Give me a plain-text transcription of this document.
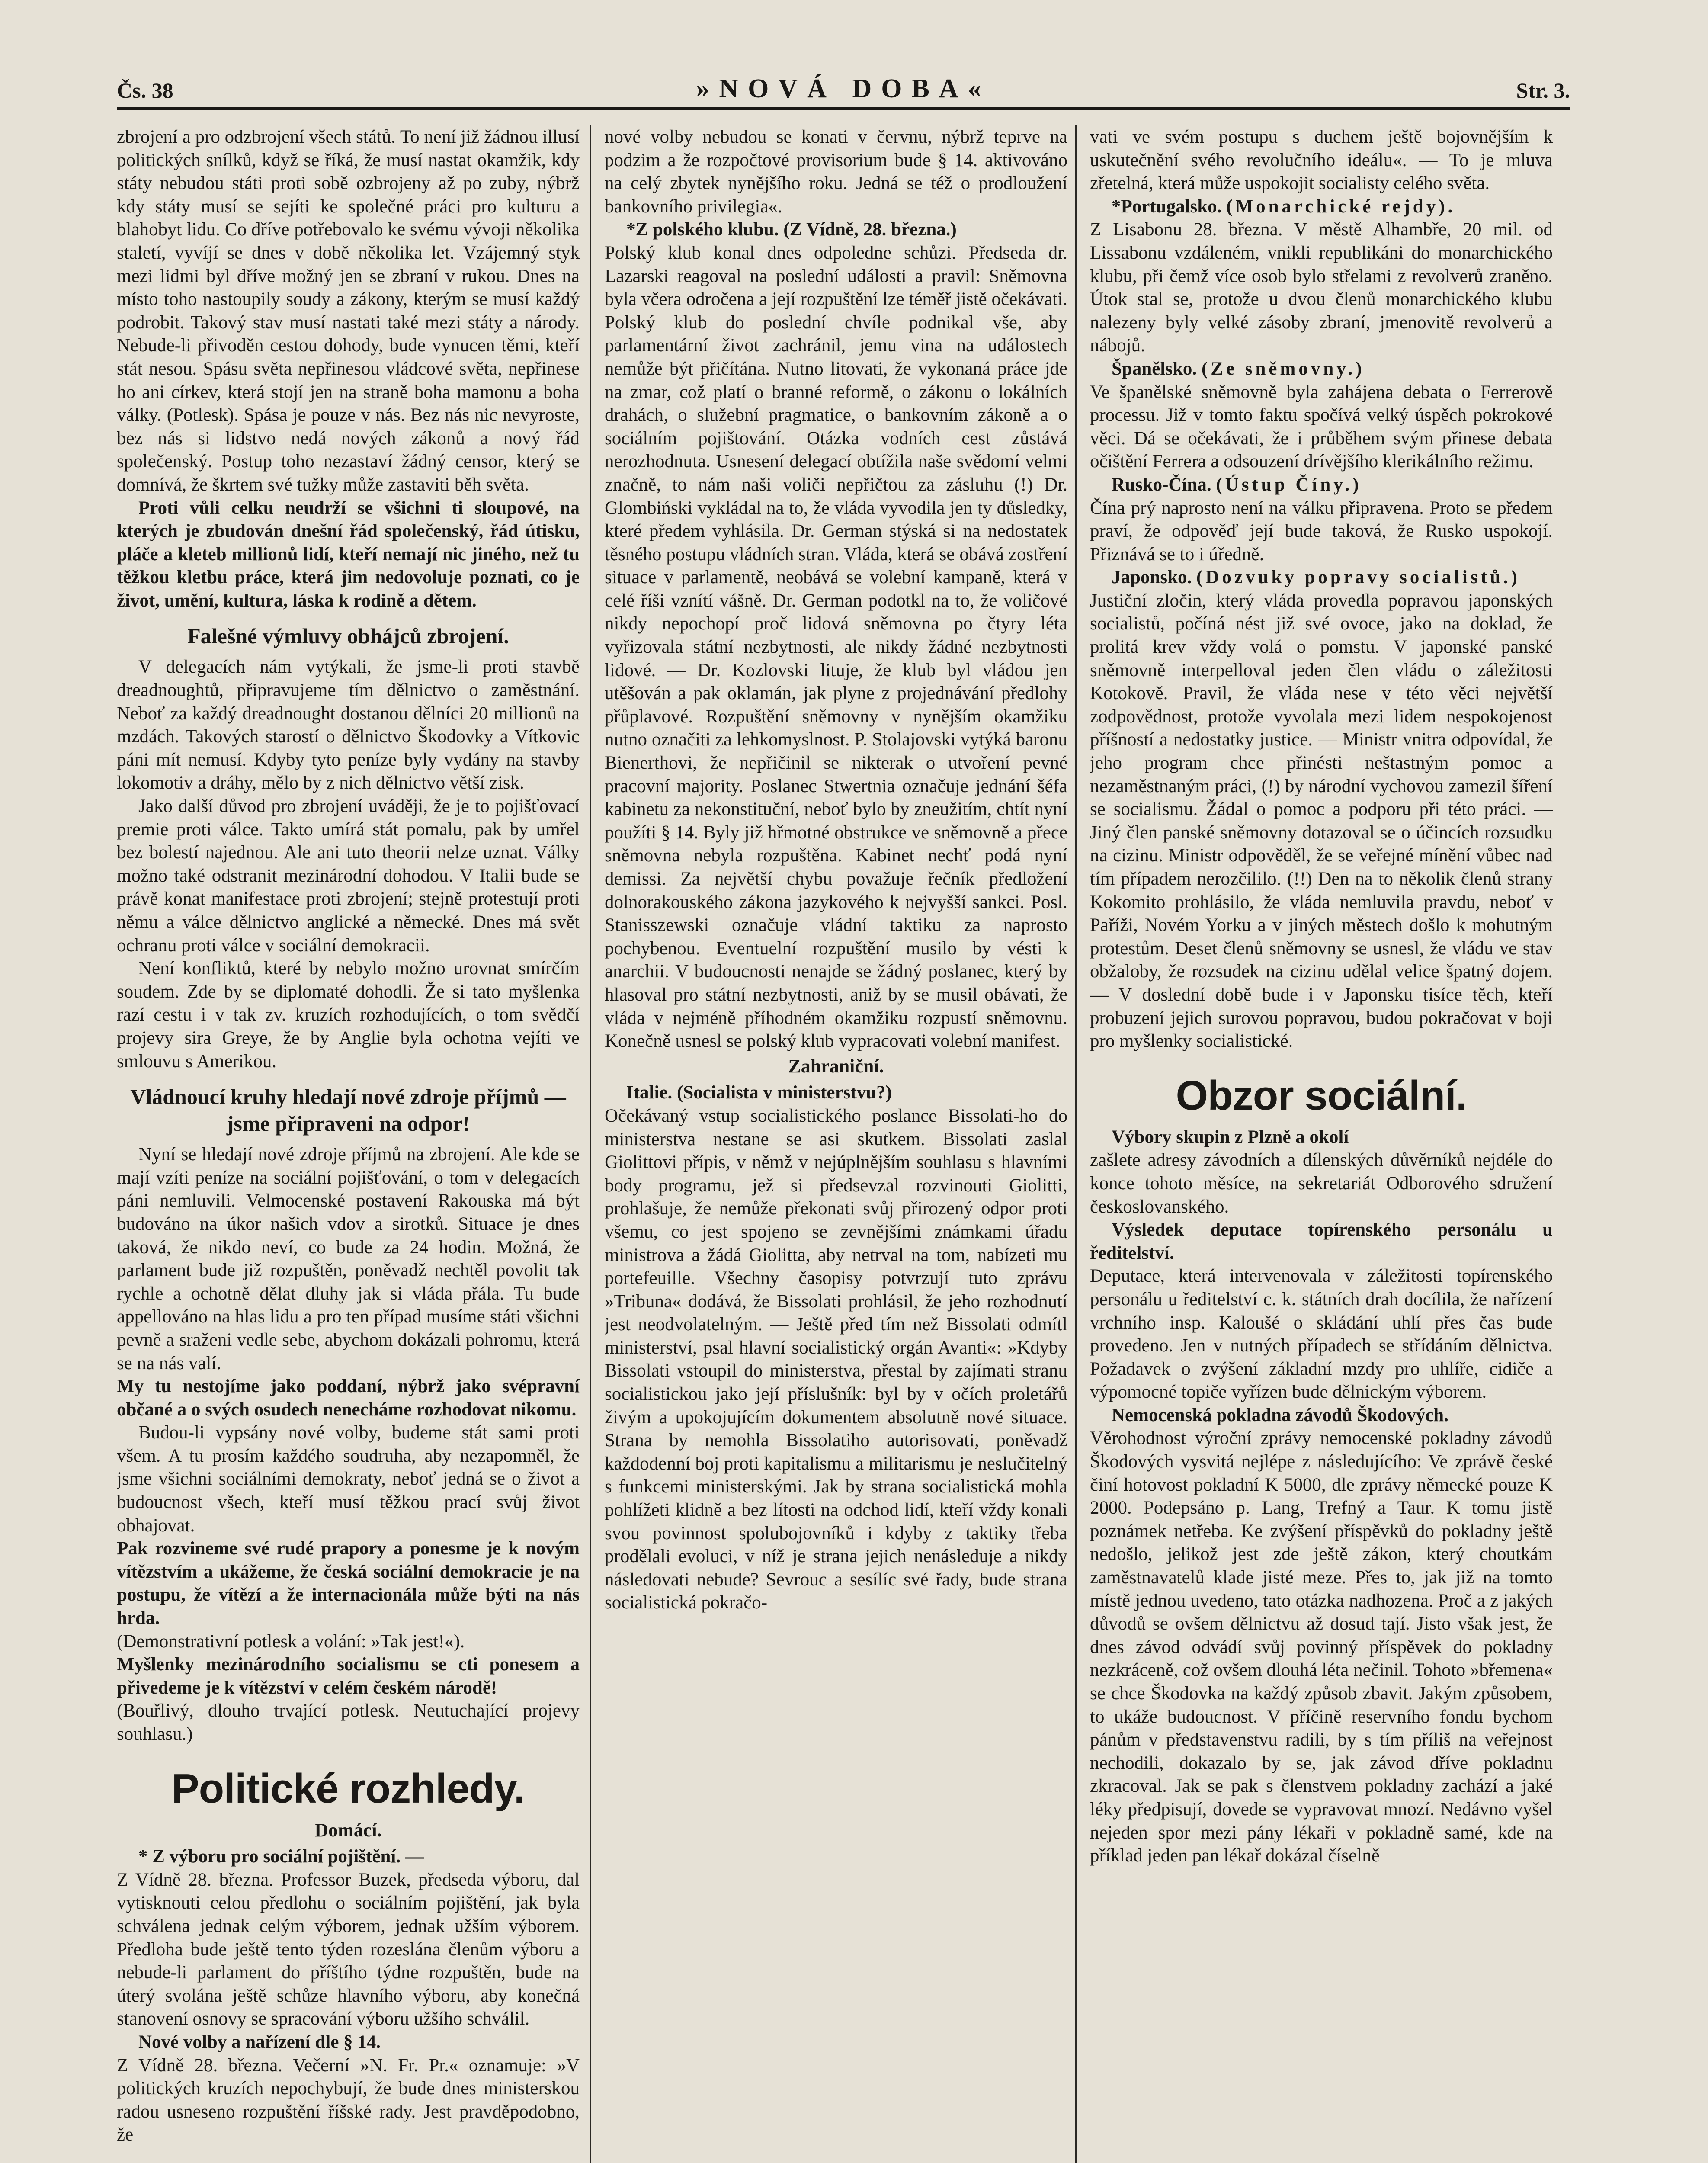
Čs. 38	»NOVÁ DOBA«	Str. 3.

zbrojení a pro odzbrojení všech států. To není již žádnou illusí politických snílků, když se říká, že musí nastat okamžik, kdy státy nebudou státi proti sobě ozbrojeny až po zuby, nýbrž kdy státy musí se sejíti ke společné práci pro kulturu a blahobyt lidu. Co dříve potřebovalo ke svému vývoji několika staletí, vyvíjí se dnes v době několika let. Vzájemný styk mezi lidmi byl dříve možný jen se zbraní v rukou. Dnes na místo toho nastoupily soudy a zákony, kterým se musí každý podrobit. Takový stav musí nastati také mezi státy a národy. Nebude-li přivoděn cestou dohody, bude vynucen těmi, kteří stát nesou. Spásu světa nepřinesou vládcové světa, nepřinese ho ani církev, která stojí jen na straně boha mamonu a boha války. (Potlesk). Spása je pouze v nás. Bez nás nic nevyroste, bez nás si lidstvo nedá nových zákonů a nový řád společenský. Postup toho nezastaví žádný censor, který se domnívá, že škrtem své tužky může zastaviti běh světa.

Proti vůli celku neudrží se všichni ti sloupové, na kterých je zbudován dnešní řád společenský, řád útisku, pláče a kleteb millionů lidí, kteří nemají nic jiného, než tu těžkou kletbu práce, která jim nedovoluje poznati, co je život, umění, kultura, láska k rodině a dětem.

Falešné výmluvy obhájců zbrojení.

V delegacích nám vytýkali, že jsme-li proti stavbě dreadnoughtů, připravujeme tím dělnictvo o zaměstnání. Neboť za každý dreadnought dostanou dělníci 20 millionů na mzdách. Takových starostí o dělnictvo Škodovky a Vítkovic páni mít nemusí. Kdyby tyto peníze byly vydány na stavby lokomotiv a dráhy, mělo by z nich dělnictvo větší zisk.

Jako další důvod pro zbrojení uváději, že je to pojišťovací premie proti válce. Takto umírá stát pomalu, pak by umřel bez bolestí najednou. Ale ani tuto theorii nelze uznat. Války možno také odstranit mezinárodní dohodou. V Italii bude se právě konat manifestace proti zbrojení; stejně protestují proti němu a válce dělnictvo anglické a německé. Dnes má svět ochranu proti válce v sociální demokracii.

Není konfliktů, které by nebylo možno urovnat smírčím soudem. Zde by se diplomaté dohodli. Že si tato myšlenka razí cestu i v tak zv. kruzích rozhodujících, o tom svědčí projevy sira Greye, že by Anglie byla ochotna vejíti ve smlouvu s Amerikou.

Vládnoucí kruhy hledají nové zdroje příjmů — jsme připraveni na odpor!

Nyní se hledají nové zdroje příjmů na zbrojení. Ale kde se mají vzíti peníze na sociální pojišťování, o tom v delegacích páni nemluvili. Velmocenské postavení Rakouska má být budováno na úkor našich vdov a sirotků. Situace je dnes taková, že nikdo neví, co bude za 24 hodin. Možná, že parlament bude již rozpuštěn, poněvadž nechtěl povolit tak rychle a ochotně dělat dluhy jak si vláda přála. Tu bude appellováno na hlas lidu a pro ten případ musíme státi všichni pevně a sraženi vedle sebe, abychom dokázali pohromu, která se na nás valí.

My tu nestojíme jako poddaní, nýbrž jako svépravní občané a o svých osudech nenecháme rozhodovat nikomu.

Budou-li vypsány nové volby, budeme stát sami proti všem. A tu prosím každého soudruha, aby nezapomněl, že jsme všichni sociálními demokraty, neboť jedná se o život a budoucnost všech, kteří musí těžkou prací svůj život obhajovat.

Pak rozvineme své rudé prapory a ponesme je k novým vítězstvím a ukážeme, že česká sociální demokracie je na postupu, že vítězí a že internacionála může býti na nás hrda.

(Demonstrativní potlesk a volání: »Tak jest!«).

Myšlenky mezinárodního socialismu se cti ponesem a přivedeme je k vítězství v celém českém národě!

(Bouřlivý, dlouho trvající potlesk. Neutuchající projevy souhlasu.)

Politické rozhledy.

Domácí.

* Z výboru pro sociální pojištění. —

Z Vídně 28. března. Professor Buzek, předseda výboru, dal vytisknouti celou předlohu o sociálním pojištění, jak byla schválena jednak celým výborem, jednak užším výborem. Předloha bude ještě tento týden rozeslána členům výboru a nebude-li parlament do příštího týdne rozpuštěn, bude na úterý svolána ještě schůze hlavního výboru, aby konečná stanovení osnovy se spracování výboru užšího schválil.

Nové volby a nařízení dle § 14.

Z Vídně 28. března. Večerní »N. Fr. Pr.« oznamuje: »V politických kruzích nepochybují, že bude dnes ministerskou radou usneseno rozpuštění říšské rady. Jest pravděpodobno, že

nové volby nebudou se konati v červnu, nýbrž teprve na podzim a že rozpočtové provisorium bude § 14. aktivováno na celý zbytek nynějšího roku. Jedná se též o prodloužení bankovního privilegia«.

*Z polského klubu. (Z Vídně, 28. března.)

Polský klub konal dnes odpoledne schůzi. Předseda dr. Lazarski reagoval na poslední události a pravil: Sněmovna byla včera odročena a její rozpuštění lze téměř jistě očekávati. Polský klub do poslední chvíle podnikal vše, aby parlamentární život zachránil, jemu vina na událostech nemůže být přičítána. Nutno litovati, že vykonaná práce jde na zmar, což platí o branné reformě, o zákonu o lokálních drahách, o služební pragmatice, o bankovním zákoně a o sociálním pojištování. Otázka vodních cest zůstává nerozhodnuta. Usnesení delegací obtížila naše svědomí velmi značně, to nám naši voliči nepřičtou za zásluhu (!) Dr. Glombiński vykládal na to, že vláda vyvodila jen ty důsledky, které předem vyhlásila. Dr. German stýská si na nedostatek těsného postupu vládních stran. Vláda, která se obává zostření situace v parlamentě, neobává se volební kampaně, která v celé říši vznítí vášně. Dr. German podotkl na to, že voličové nikdy nepochopí proč lidová sněmovna po čtyry léta vyřizovala státní nezbytnosti, ale nikdy žádné nezbytnosti lidové. — Dr. Kozlovski lituje, že klub byl vládou jen utěšován a pak oklamán, jak plyne z projednávání předlohy přůplavové. Rozpuštění sněmovny v nynějším okamžiku nutno označiti za lehkomyslnost. P. Stolajovski vytýká baronu Bienerthovi, že nepřičinil se nikterak o utvoření pevné pracovní majority. Poslanec Stwertnia označuje jednání šéfa kabinetu za nekonstituční, neboť bylo by zneužitím, chtít nyní použíti § 14. Byly již hřmotné obstrukce ve sněmovně a přece sněmovna nebyla rozpuštěna. Kabinet nechť podá nyní demissi. Za největší chybu považuje řečník předložení dolnorakouského zákona jazykového k nejvyšší sankci. Posl. Stanisszewski označuje vládní taktiku za naprosto pochybenou. Eventuelní rozpuštění musilo by vésti k anarchii. V budoucnosti nenajde se žádný poslanec, který by hlasoval pro státní nezbytnosti, aniž by se musil obávati, že vláda v nejméně příhodném okamžiku rozpustí sněmovnu. Konečně usnesl se polský klub vypracovati volební manifest.

Zahraniční.

Italie. (Socialista v ministerstvu?)

Očekávaný vstup socialistického poslance Bissolati-ho do ministerstva nestane se asi skutkem. Bissolati zaslal Giolittovi přípis, v němž v nejúplnějším souhlasu s hlavními body programu, jež si předsevzal rozvinouti Giolitti, prohlašuje, že nemůže překonati svůj přirozený odpor proti všemu, co jest spojeno se zevnějšími známkami úřadu ministrova a žádá Giolitta, aby netrval na tom, nabízeti mu portefeuille. Všechny časopisy potvrzují tuto zprávu »Tribuna« dodává, že Bissolati prohlásil, že jeho rozhodnutí jest neodvolatelným. — Ještě před tím než Bissolati odmítl ministerství, psal hlavní socialistický orgán Avanti«: »Kdyby Bissolati vstoupil do ministerstva, přestal by zajímati stranu socialistickou jako její příslušník: byl by v očích proletářů živým a upokojujícím dokumentem absolutně nové situace. Strana by nemohla Bissolatiho autorisovati, poněvadž každodenní boj proti kapitalismu a militarismu je neslučitelný s funkcemi ministerskými. Jak by strana socialistická mohla pohlížeti klidně a bez lítosti na odchod lidí, kteří vždy konali svou povinnost spolubojovníků i kdyby z taktiky třeba prodělali evoluci, v níž je strana jejich nenásleduje a nikdy následovati nebude? Sevrouc a sesílíc své řady, bude strana socialistická pokračo-

vati ve svém postupu s duchem ještě bojovnějším k uskutečnění svého revolučního ideálu«. — To je mluva zřetelná, která může uspokojit socialisty celého světa.

*Portugalsko. (Monarchické rejdy).

Z Lisabonu 28. března. V městě Alhambře, 20 mil. od Lissabonu vzdáleném, vnikli republikáni do monarchického klubu, při čemž více osob bylo střelami z revolverů zraněno. Útok stal se, protože u dvou členů monarchického klubu nalezeny byly velké zásoby zbraní, jmenovitě revolverů a nábojů.

Španělsko. (Ze sněmovny.)

Ve španělské sněmovně byla zahájena debata o Ferrerově processu. Již v tomto faktu spočívá velký úspěch pokrokové věci. Dá se očekávati, že i průběhem svým přinese debata očištění Ferrera a odsouzení drívějšího klerikálního režimu.

Rusko-Čína. (Ústup Číny.)

Čína prý naprosto není na válku připravena. Proto se předem praví, že odpověď její bude taková, že Rusko uspokojí. Přiznává se to i úředně.

Japonsko. (Dozvuky popravy socialistů.)

Justiční zločin, který vláda provedla popravou japonských socialistů, počíná nést již své ovoce, jako na doklad, že prolitá krev vždy volá o pomstu. V japonské panské sněmovně interpelloval jeden člen vládu o záležitosti Kotokově. Pravil, že vláda nese v této věci největší zodpovědnost, protože vyvolala mezi lidem nespokojenost příšností a nedostatky justice. — Ministr vnitra odpovídal, že jeho program chce přinésti neštastným pomoc a nezaměstnaným práci, (!) by národní vychovou zamezil šíření se socialismu. Žádal o pomoc a podporu při této práci. — Jiný člen panské sněmovny dotazoval se o účincích rozsudku na cizinu. Ministr odpověděl, že se veřejné mínění vůbec nad tím případem nerozčililo. (!!) Den na to několik členů strany Kokomito prohlásilo, že vláda nemluvila pravdu, neboť v Paříži, Novém Yorku a v jiných městech došlo k mohutným protestům. Deset členů sněmovny se usnesl, že vládu ve stav obžaloby, že rozsudek na cizinu udělal velice špatný dojem. — V doslední době bude i v Japonsku tisíce těch, kteří probuzení jejich surovou popravou, budou pokračovat v boji pro myšlenky socialistické.

Obzor sociální.

Výbory skupin z Plzně a okolí

zašlete adresy závodních a dílenských důvěrníků nejdéle do konce tohoto měsíce, na sekretariát Odborového sdružení českoslovanského.

Výsledek deputace topírenského personálu u ředitelství.

Deputace, která intervenovala v záležitosti topírenského personálu u ředitelství c. k. státních drah docílila, že nařízení vrchního insp. Kaloušé o skládání uhlí přes čas bude provedeno. Jen v nutných případech se střídáním dělnictva. Požadavek o zvýšení základní mzdy pro uhlíře, cidiče a výpomocné topiče vyřízen bude dělnickým výborem.

Nemocenská pokladna závodů Škodových.

Věrohodnost výroční zprávy nemocenské pokladny závodů Škodových vysvitá nejlépe z následujícího: Ve zprávě české činí hotovost pokladní K 5000, dle zprávy německé pouze K 2000. Podepsáno p. Lang, Trefný a Taur. K tomu jistě poznámek netřeba. Ke zvýšení příspěvků do pokladny ještě nedošlo, jelikož jest zde ještě zákon, který choutkám zaměstnavatelů klade jisté meze. Přes to, jak již na tomto místě jednou uvedeno, tato otázka nadhozena. Proč a z jakých důvodů se ovšem dělnictvu až dosud tají. Jisto však jest, že dnes závod odvádí svůj povinný příspěvek do pokladny nezkráceně, což ovšem dlouhá léta nečinil. Tohoto »břemena« se chce Škodovka na každý způsob zbavit. Jakým způsobem, to ukáže budoucnost. V příčině reservního fondu bychom pánům v představenstvu radili, by s tím příliš na veřejnost nechodili, dokazalo by se, jak závod dříve pokladnu zkracoval. Jak se pak s členstvem pokladny zachází a jaké léky předpisují, dovede se vypravovat mnozí. Nedávno vyšel nejeden spor mezi pány lékaři v pokladně samé, kde na příklad jeden pan lékař dokázal číselně
